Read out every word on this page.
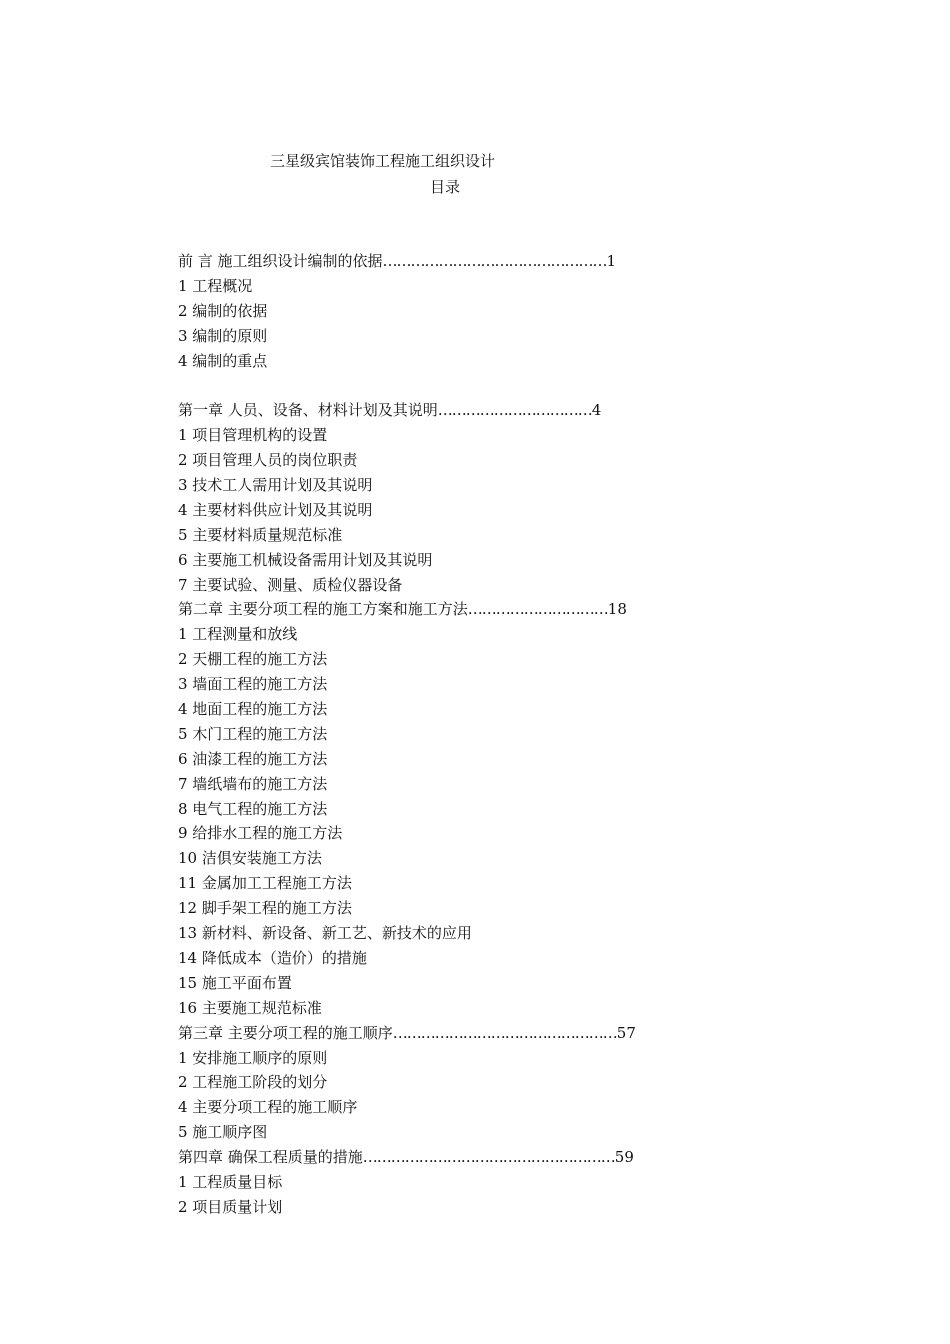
三星级宾馆装饰工程施工组织设计
目录
前 言 施工组织设计编制的依据…………………………………………1
1 工程概况
2 编制的依据
3 编制的原则
4 编制的重点
第一章 人员、设备、材料计划及其说明……………………………4
1 项目管理机构的设置
2 项目管理人员的岗位职责
3 技术工人需用计划及其说明
4 主要材料供应计划及其说明
5 主要材料质量规范标准
6 主要施工机械设备需用计划及其说明
7 主要试验、测量、质检仪器设备
第二章 主要分项工程的施工方案和施工方法…………………………18
1 工程测量和放线
2 天棚工程的施工方法
3 墙面工程的施工方法
4 地面工程的施工方法
5 木门工程的施工方法
6 油漆工程的施工方法
7 墙纸墙布的施工方法
8 电气工程的施工方法
9 给排水工程的施工方法
10 洁俱安装施工方法
11 金属加工工程施工方法
12 脚手架工程的施工方法
13 新材料、新设备、新工艺、新技术的应用
14 降低成本（造价）的措施
15 施工平面布置
16 主要施工规范标准
第三章 主要分项工程的施工顺序…………………………………………57
1 安排施工顺序的原则
2 工程施工阶段的划分
4 主要分项工程的施工顺序
5 施工顺序图
第四章 确保工程质量的措施………………………………………………59
1 工程质量目标
2 项目质量计划
